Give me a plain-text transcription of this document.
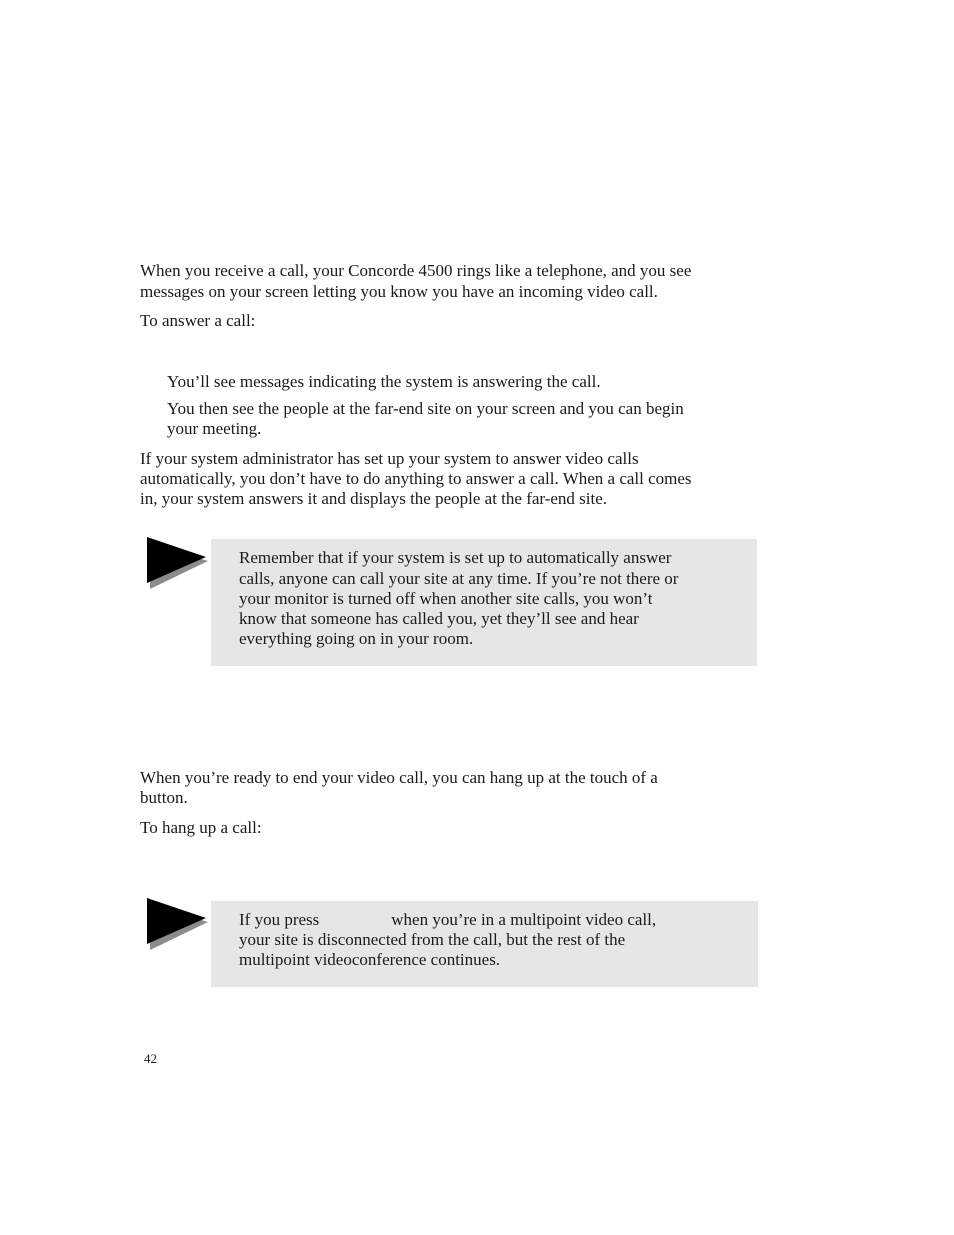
When you receive a call, your Concorde 4500 rings like a telephone, and you see

messages on your screen letting you know you have an incoming video call.

To answer a call:

You’ll see messages indicating the system is answering the call.

You then see the people at the far-end site on your screen and you can begin

your meeting.

If your system administrator has set up your system to answer video calls

automatically, you don’t have to do anything to answer a call. When a call comes

in, your system answers it and displays the people at the far-end site.

Remember that if your system is set up to automatically answer

calls, anyone can call your site at any time. If you’re not there or

your monitor is turned off when another site calls, you won’t

know that someone has called you, yet they’ll see and hear

everything going on in your room.

When you’re ready to end your video call, you can hang up at the touch of a

button.

To hang up a call:

If you press	when you’re in a multipoint video call,

your site is disconnected from the call, but the rest of the

multipoint videoconference continues.

42
